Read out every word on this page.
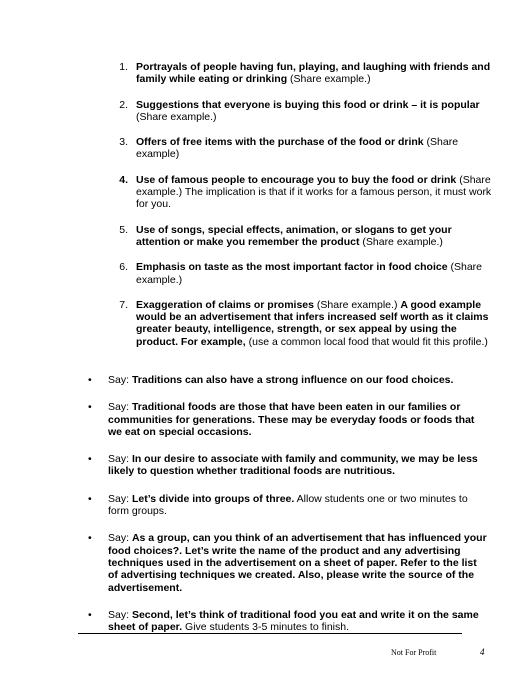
1. Portrayals of people having fun, playing, and laughing with friends and family while eating or drinking (Share example.)
2. Suggestions that everyone is buying this food or drink – it is popular (Share example.)
3. Offers of free items with the purchase of the food or drink (Share example)
4. Use of famous people to encourage you to buy the food or drink (Share example.) The implication is that if it works for a famous person, it must work for you.
5. Use of songs, special effects, animation, or slogans to get your attention or make you remember the product (Share example.)
6. Emphasis on taste as the most important factor in food choice (Share example.)
7. Exaggeration of claims or promises (Share example.) A good example would be an advertisement that infers increased self worth as it claims greater beauty, intelligence, strength, or sex appeal by using the product. For example, (use a common local food that would fit this profile.)
•	Say: Traditions can also have a strong influence on our food choices.
•	Say: Traditional foods are those that have been eaten in our families or communities for generations. These may be everyday foods or foods that we eat on special occasions.
•	Say: In our desire to associate with family and community, we may be less likely to question whether traditional foods are nutritious.
•	Say: Let’s divide into groups of three. Allow students one or two minutes to form groups.
•	Say: As a group, can you think of an advertisement that has influenced your food choices?. Let’s write the name of the product and any advertising techniques used in the advertisement on a sheet of paper. Refer to the list of advertising techniques we created. Also, please write the source of the advertisement.
•	Say: Second, let’s think of traditional food you eat and write it on the same sheet of paper. Give students 3-5 minutes to finish.
Not For Profit	4
